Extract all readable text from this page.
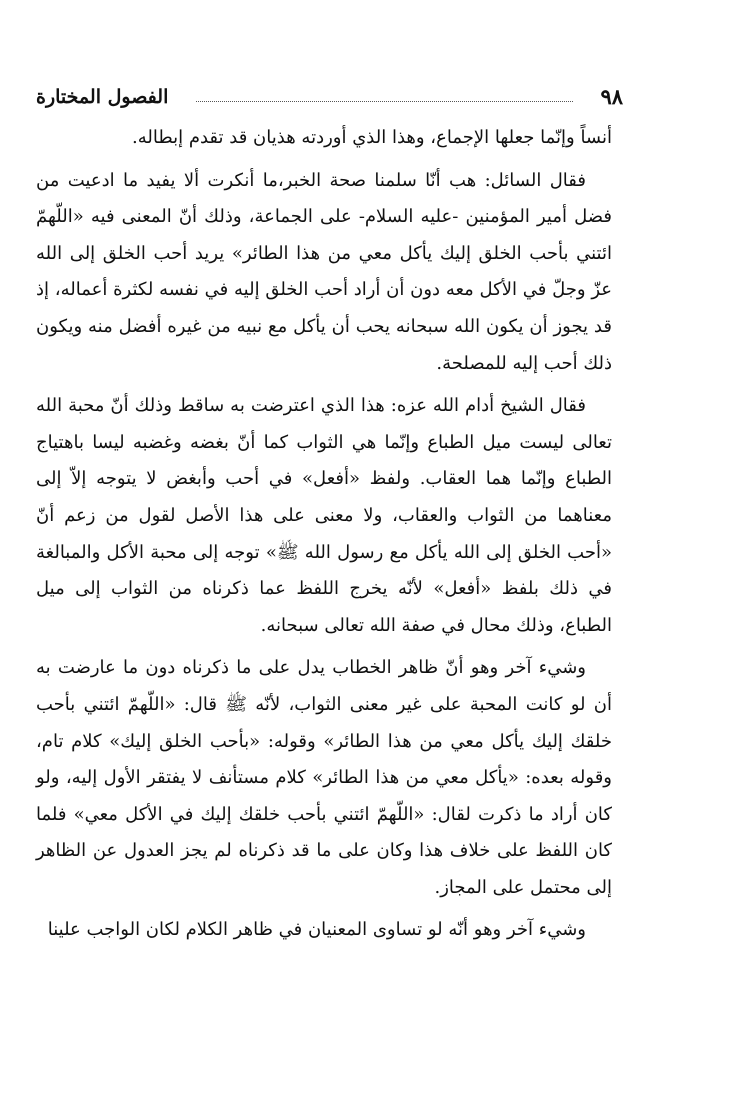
٩٨
الفصول المختارة

أنساً وإنّما جعلها الإجماع، وهذا الذي أوردته هذيان قد تقدم إبطاله.

فقال السائل: هب أنّا سلمنا صحة الخبر،ما أنكرت ألا يفيد ما ادعيت من فضل أمير المؤمنين -عليه السلام- على الجماعة، وذلك أنّ المعنى فيه «اللّهمّ ائتني بأحب الخلق إليك يأكل معي من هذا الطائر» يريد أحب الخلق إلى الله عزّ وجلّ في الأكل معه دون أن أراد أحب الخلق إليه في نفسه لكثرة أعماله، إذ قد يجوز أن يكون الله سبحانه يحب أن يأكل مع نبيه من غيره أفضل منه ويكون ذلك أحب إليه للمصلحة.

فقال الشيخ أدام الله عزه: هذا الذي اعترضت به ساقط وذلك أنّ محبة الله تعالى ليست ميل الطباع وإنّما هي الثواب كما أنّ بغضه وغضبه ليسا باهتياج الطباع وإنّما هما العقاب. ولفظ «أفعل» في أحب وأبغض لا يتوجه إلاّ إلى معناهما من الثواب والعقاب، ولا معنى على هذا الأصل لقول من زعم أنّ «أحب الخلق إلى الله يأكل مع رسول الله ﷺ» توجه إلى محبة الأكل والمبالغة في ذلك بلفظ «أفعل» لأنّه يخرج اللفظ عما ذكرناه من الثواب إلى ميل الطباع، وذلك محال في صفة الله تعالى سبحانه.

وشيء آخر وهو أنّ ظاهر الخطاب يدل على ما ذكرناه دون ما عارضت به أن لو كانت المحبة على غير معنى الثواب، لأنّه ﷺ قال: «اللّهمّ ائتني بأحب خلقك إليك يأكل معي من هذا الطائر» وقوله: «بأحب الخلق إليك» كلام تام، وقوله بعده: «يأكل معي من هذا الطائر» كلام مستأنف لا يفتقر الأول إليه، ولو كان أراد ما ذكرت لقال: «اللّهمّ ائتني بأحب خلقك إليك في الأكل معي» فلما كان اللفظ على خلاف هذا وكان على ما قد ذكرناه لم يجز العدول عن الظاهر إلى محتمل على المجاز.

وشيء آخر وهو أنّه لو تساوى المعنيان في ظاهر الكلام لكان الواجب علينا
